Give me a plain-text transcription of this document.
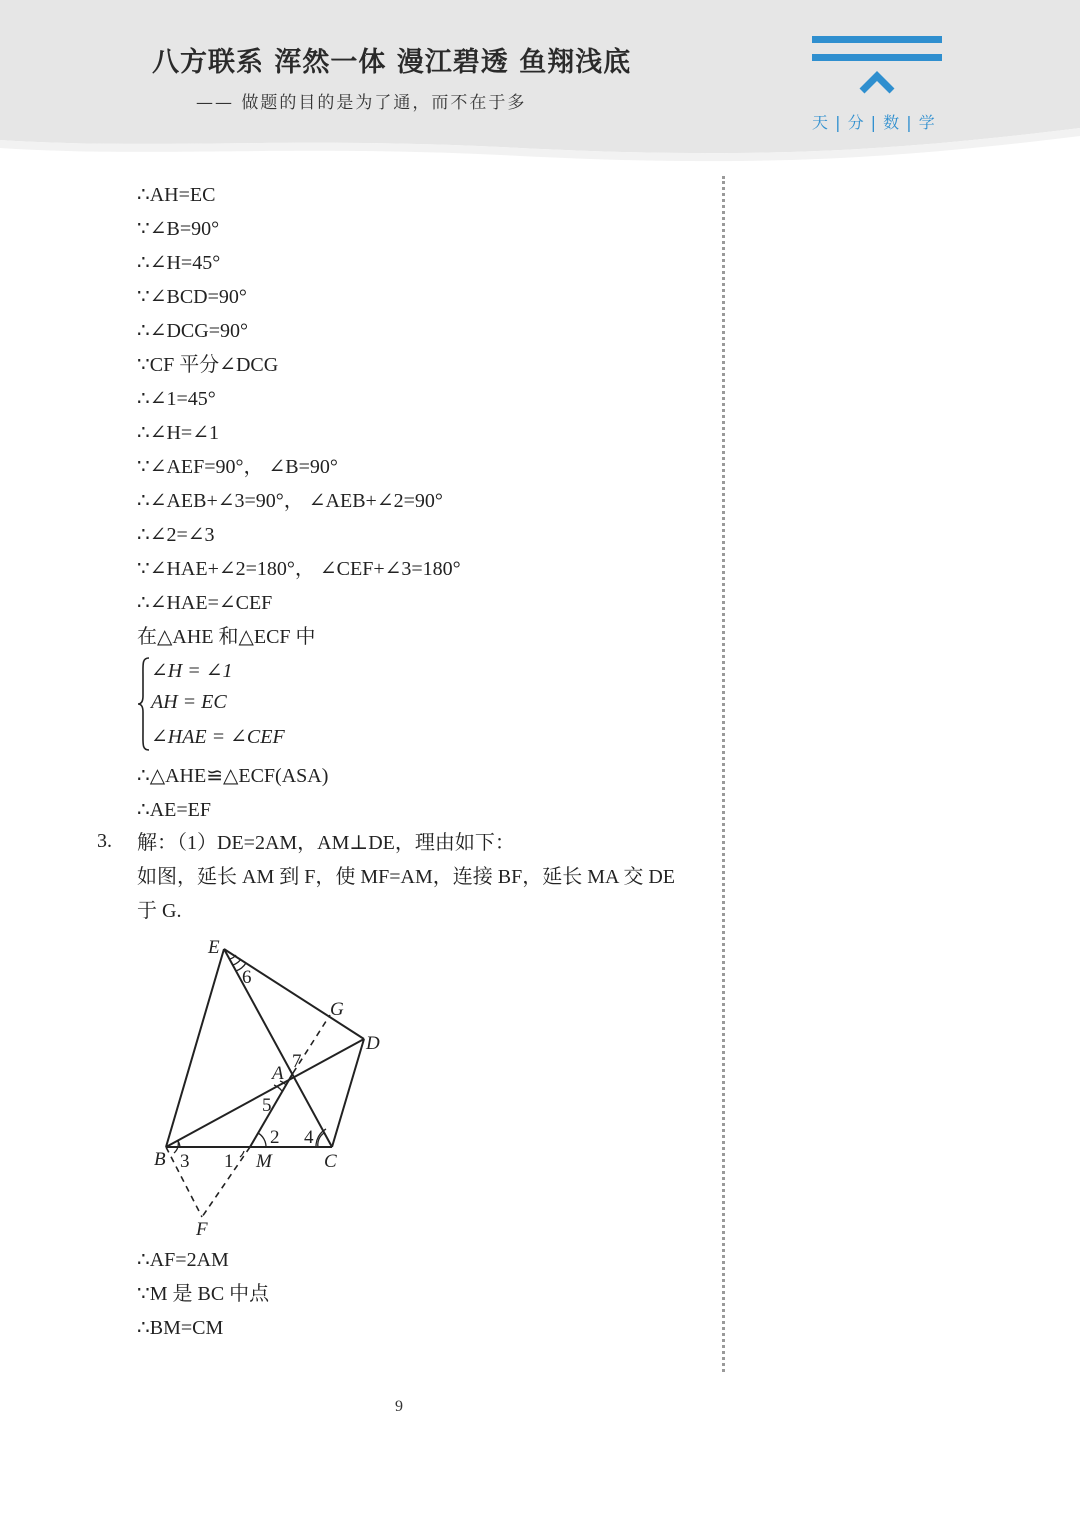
八方联系 浑然一体 漫江碧透 鱼翔浅底
—— 做题的目的是为了通，而不在于多
天 | 分 | 数 | 学
∴AH=EC
∵∠B=90°
∴∠H=45°
∵∠BCD=90°
∴∠DCG=90°
∵CF 平分∠DCG
∴∠1=45°
∴∠H=∠1
∵∠AEF=90°， ∠B=90°
∴∠AEB+∠3=90°， ∠AEB+∠2=90°
∴∠2=∠3
∵∠HAE+∠2=180°， ∠CEF+∠3=180°
∴∠HAE=∠CEF
在△AHE 和△ECF 中
∠H = ∠1
AH = EC
∠HAE = ∠CEF
∴△AHE≌△ECF(ASA)
∴AE=EF
3. 解：（1）DE=2AM，AM⊥DE，理由如下：
如图，延长 AM 到 F，使 MF=AM，连接 BF，延长 MA 交 DE
于 G.
E
G
D
A
B	M	C
F
6
7
5
2 4
3 1
∴AF=2AM
∵M 是 BC 中点
∴BM=CM
9
